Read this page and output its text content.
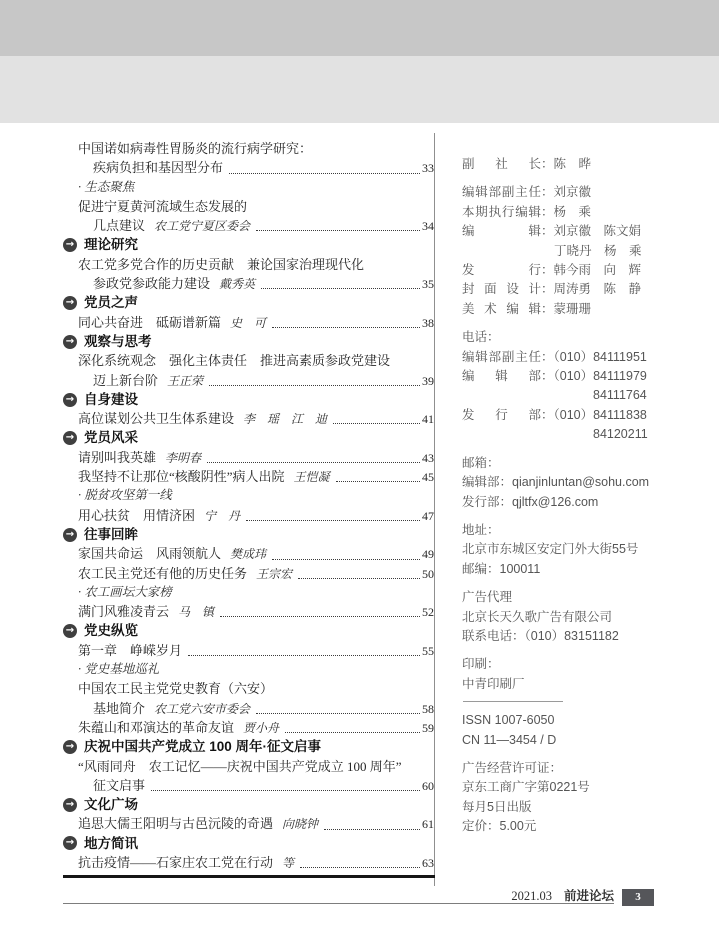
中国诺如病毒性胃肠炎的流行病学研究：
疾病负担和基因型分布	33
· 生态聚焦
促进宁夏黄河流域生态发展的
几点建议 农工党宁夏区委会	34
→ 理论研究
农工党多党合作的历史贡献　兼论国家治理现代化
参政党参政能力建设 戴秀英	35
→ 党员之声
同心共奋进　砥砺谱新篇 史　可	38
→ 观察与思考
深化系统观念　强化主体责任　推进高素质参政党建设
迈上新台阶 王正荣	39
→ 自身建设
高位谋划公共卫生体系建设 李　瑶　江　迪	41
→ 党员风采
请别叫我英雄 李明春	43
我坚持不让那位“核酸阴性”病人出院 王恺凝	45
· 脱贫攻坚第一线
用心扶贫　用情济困 宁　丹	47
→ 往事回眸
家国共命运　风雨领航人 樊成玮	49
农工民主党还有他的历史任务 王宗宏	50
· 农工画坛大家榜
满门风雅凌青云 马　镇	52
→ 党史纵览
第一章　峥嵘岁月	55
· 党史基地巡礼
中国农工民主党党史教育（六安）
基地简介 农工党六安市委会	58
朱蕴山和邓演达的革命友谊 贾小舟	59
→ 庆祝中国共产党成立 100 周年·征文启事
“风雨同舟　农工记忆——庆祝中国共产党成立 100 周年”
征文启事	60
→ 文化广场
追思大儒王阳明与古邑沅陵的奇遇 向晓钟	61
→ 地方简讯
抗击疫情——石家庄农工党在行动 等	63
副社长：陈　晔
编辑部副主任：刘京徽
本期执行编辑：杨　乘
编辑：刘京徽　陈文娟
丁晓丹　杨　乘
发行：韩今雨　向　辉
封面设计：周涛勇　陈　静
美术编辑：蒙珊珊
电话：
编辑部副主任：（010）84111951
编辑部：（010）84111979
84111764
发行部：（010）84111838
84120211
邮箱：
编辑部：qianjinluntan@sohu.com
发行部：qjltfx@126.com
地址：
北京市东城区安定门外大街55号
邮编：100011
广告代理
北京长天久歌广告有限公司
联系电话：（010）83151182
印刷：
中青印刷厂
ISSN 1007-6050
CN 11—3454 / D
广告经营许可证：
京东工商广字第0221号
每月5日出版
定价：5.00元
2021.03 前进论坛	3
